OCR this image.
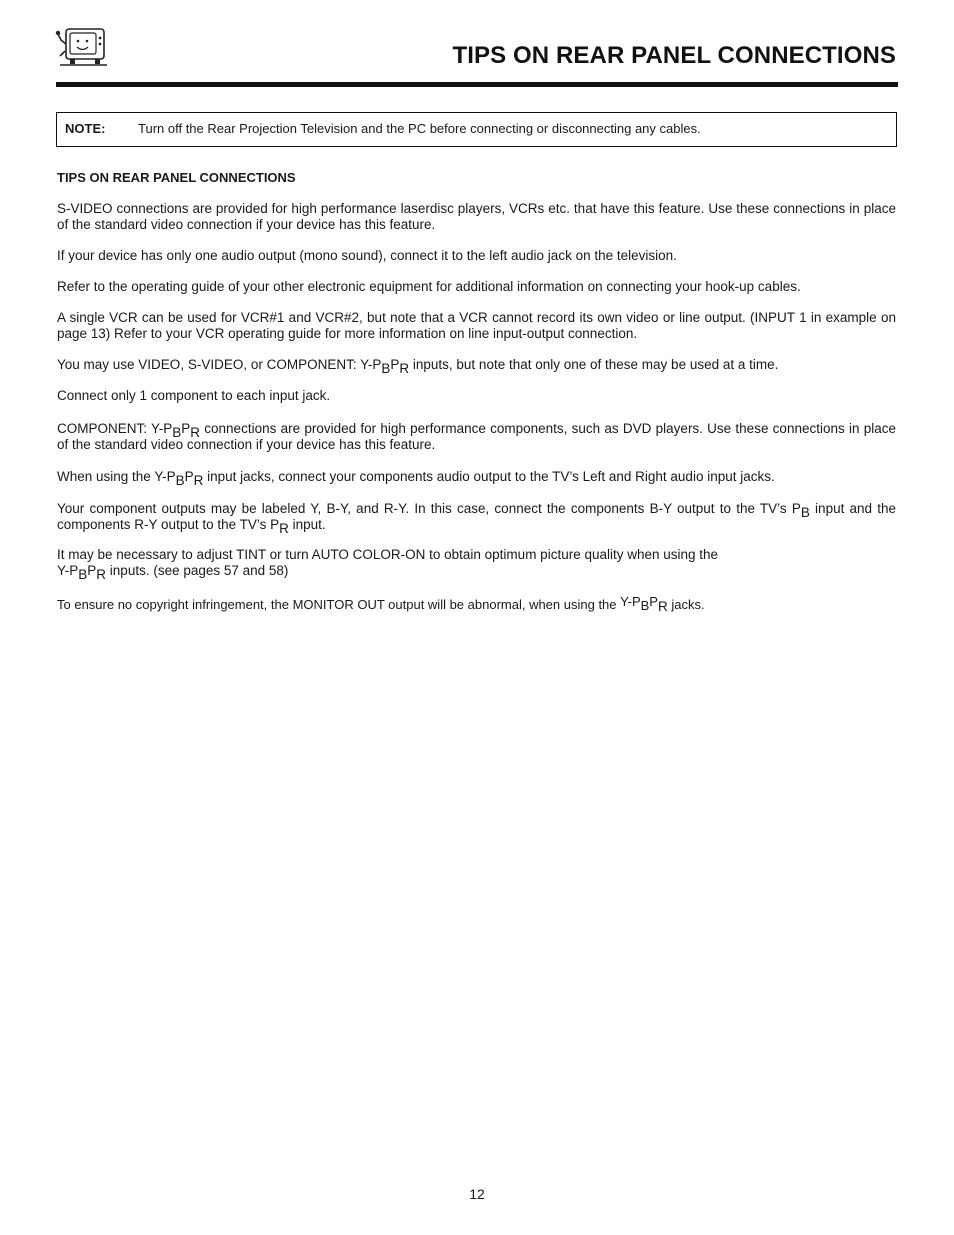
TIPS ON REAR PANEL CONNECTIONS
NOTE:	Turn off the Rear Projection Television and the PC before connecting or disconnecting any cables.
TIPS ON REAR PANEL CONNECTIONS

S-VIDEO connections are provided for high performance laserdisc players, VCRs etc. that have this feature. Use these connections in place of the standard video connection if your device has this feature.

If your device has only one audio output (mono sound), connect it to the left audio jack on the television.

Refer to the operating guide of your other electronic equipment for additional information on connecting your hook-up cables.

A single VCR can be used for VCR#1 and VCR#2, but note that a VCR cannot record its own video or line output. (INPUT 1 in example on page 13) Refer to your VCR operating guide for more information on line input-output connection.

You may use VIDEO, S-VIDEO, or COMPONENT: Y-PBPR inputs, but note that only one of these may be used at a time.

Connect only 1 component to each input jack.

COMPONENT: Y-PBPR connections are provided for high performance components, such as DVD players. Use these connections in place of the standard video connection if your device has this feature.

When using the Y-PBPR input jacks, connect your components audio output to the TV’s Left and Right audio input jacks.

Your component outputs may be labeled Y, B-Y, and R-Y. In this case, connect the components B-Y output to the TV’s PB input and the components R-Y output to the TV’s PR input.

It may be necessary to adjust TINT or turn AUTO COLOR-ON to obtain optimum picture quality when using the
Y-PBPR inputs. (see pages 57 and 58)

To ensure no copyright infringement, the MONITOR OUT output will be abnormal, when using the Y-PBPR jacks.

12
